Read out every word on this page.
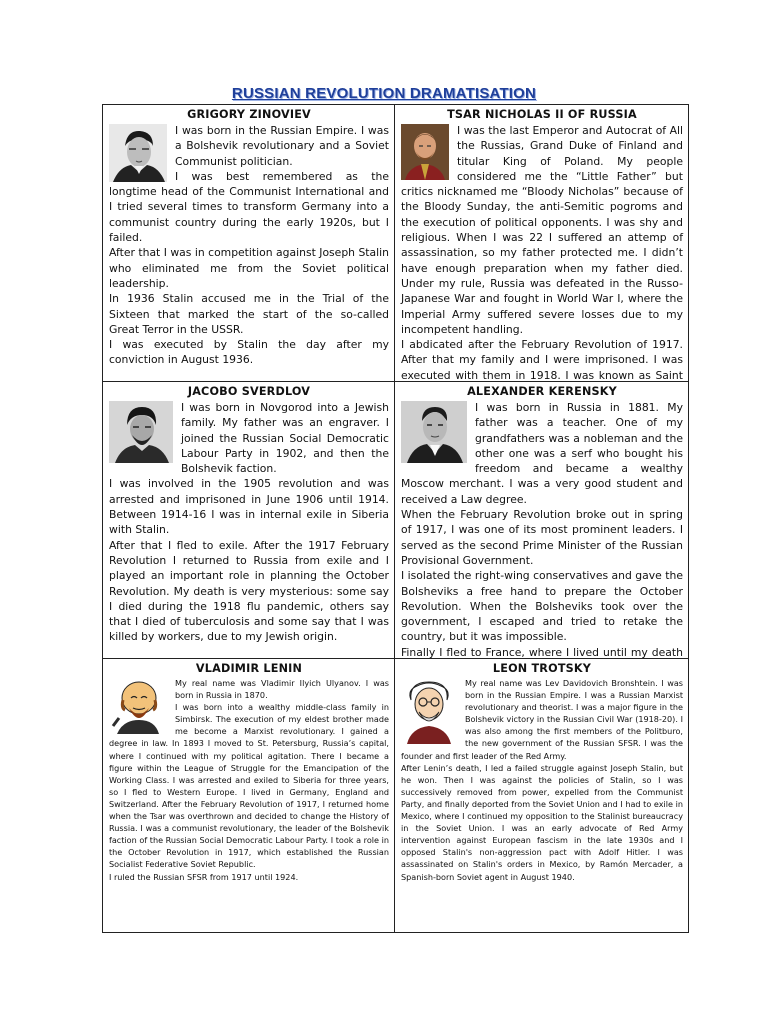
RUSSIAN REVOLUTION DRAMATISATION
GRIGORY ZINOVIEV

I was born in the Russian Empire. I was a Bolshevik revolutionary and a Soviet Communist politician.

I was best remembered as the longtime head of the Communist International and I tried several times to transform Germany into a communist country during the early 1920s, but I failed.

After that I was in competition against Joseph Stalin who eliminated me from the Soviet political leadership.

In 1936 Stalin accused me in the Trial of the Sixteen that marked the start of the so-called Great Terror in the USSR.

I was executed by Stalin the day after my conviction in August 1936.

TSAR NICHOLAS II OF RUSSIA

I was the last Emperor and Autocrat of All the Russias, Grand Duke of Finland and titular King of Poland. My people considered me the “Little Father” but critics nicknamed me “Bloody Nicholas” because of the Bloody Sunday, the anti-Semitic pogroms and the execution of political opponents. I was shy and religious. When I was 22 I suffered an attemp of assassination, so my father protected me. I didn’t have enough preparation when my father died. Under my rule, Russia was defeated in the Russo-Japanese War and fought in World War I, where the Imperial Army suffered severe losses due to my incompetent handling.

I abdicated after the February Revolution of 1917. After that my family and I were imprisoned. I was executed with them in 1918. I was known as Saint

JACOBO SVERDLOV

I was born in Novgorod into a Jewish family. My father was an engraver. I joined the Russian Social Democratic Labour Party in 1902, and then the Bolshevik faction.

I was involved in the 1905 revolution and was arrested and imprisoned in June 1906 until 1914. Between 1914-16 I was in internal exile in Siberia with Stalin.

After that I fled to exile. After the 1917 February Revolution I returned to Russia from exile and I played an important role in planning the October Revolution. My death is very mysterious: some say I died during the 1918 flu pandemic, others say that I died of tuberculosis and some say that I was killed by workers, due to my Jewish origin.

ALEXANDER KERENSKY

I was born in Russia in 1881. My father was a teacher. One of my grandfathers was a nobleman and the other one was a serf who bought his freedom and became a wealthy Moscow merchant. I was a very good student and received a Law degree.

When the February Revolution broke out in spring of 1917, I was one of its most prominent leaders. I served as the second Prime Minister of the Russian Provisional Government.

I isolated the right-wing conservatives and gave the Bolsheviks a free hand to prepare the October Revolution. When the Bolsheviks took over the government, I escaped and tried to retake the country, but it was impossible.

Finally I fled to France, where I lived until my death

VLADIMIR LENIN

My real name was Vladimir Ilyich Ulyanov. I was born in Russia in 1870.

I was born into a wealthy middle-class family in Simbirsk. The execution of my eldest brother made me become a Marxist revolutionary. I gained a degree in law. In 1893 I moved to St. Petersburg, Russia’s capital, where I continued with my political agitation. There I became a figure within the League of Struggle for the Emancipation of the Working Class. I was arrested and exiled to Siberia for three years, so I fled to Western Europe. I lived in Germany, England and Switzerland. After the February Revolution of 1917, I returned home when the Tsar was overthrown and decided to change the History of Russia. I was a communist revolutionary, the leader of the Bolshevik faction of the Russian Social Democratic Labour Party. I took a role in the October Revolution in 1917, which established the Russian Socialist Federative Soviet Republic.

I ruled the Russian SFSR from 1917 until 1924.

LEON TROTSKY

My real name was Lev Davidovich Bronshtein. I was born in the Russian Empire. I was a Russian Marxist revolutionary and theorist. I was a major figure in the Bolshevik victory in the Russian Civil War (1918-20). I was also among the first members of the Politburo, the new government of the Russian SFSR. I was the founder and first leader of the Red Army.

After Lenin’s death, I led a failed struggle against Joseph Stalin, but he won. Then I was against the policies of Stalin, so I was successively removed from power, expelled from the Communist Party, and finally deported from the Soviet Union and I had to exile in Mexico, where I continued my opposition to the Stalinist bureaucracy in the Soviet Union. I was an early advocate of Red Army intervention against European fascism in the late 1930s and I opposed Stalin's non-aggression pact with Adolf Hitler. I was assassinated on Stalin's orders in Mexico, by Ramón Mercader, a Spanish-born Soviet agent in August 1940.
